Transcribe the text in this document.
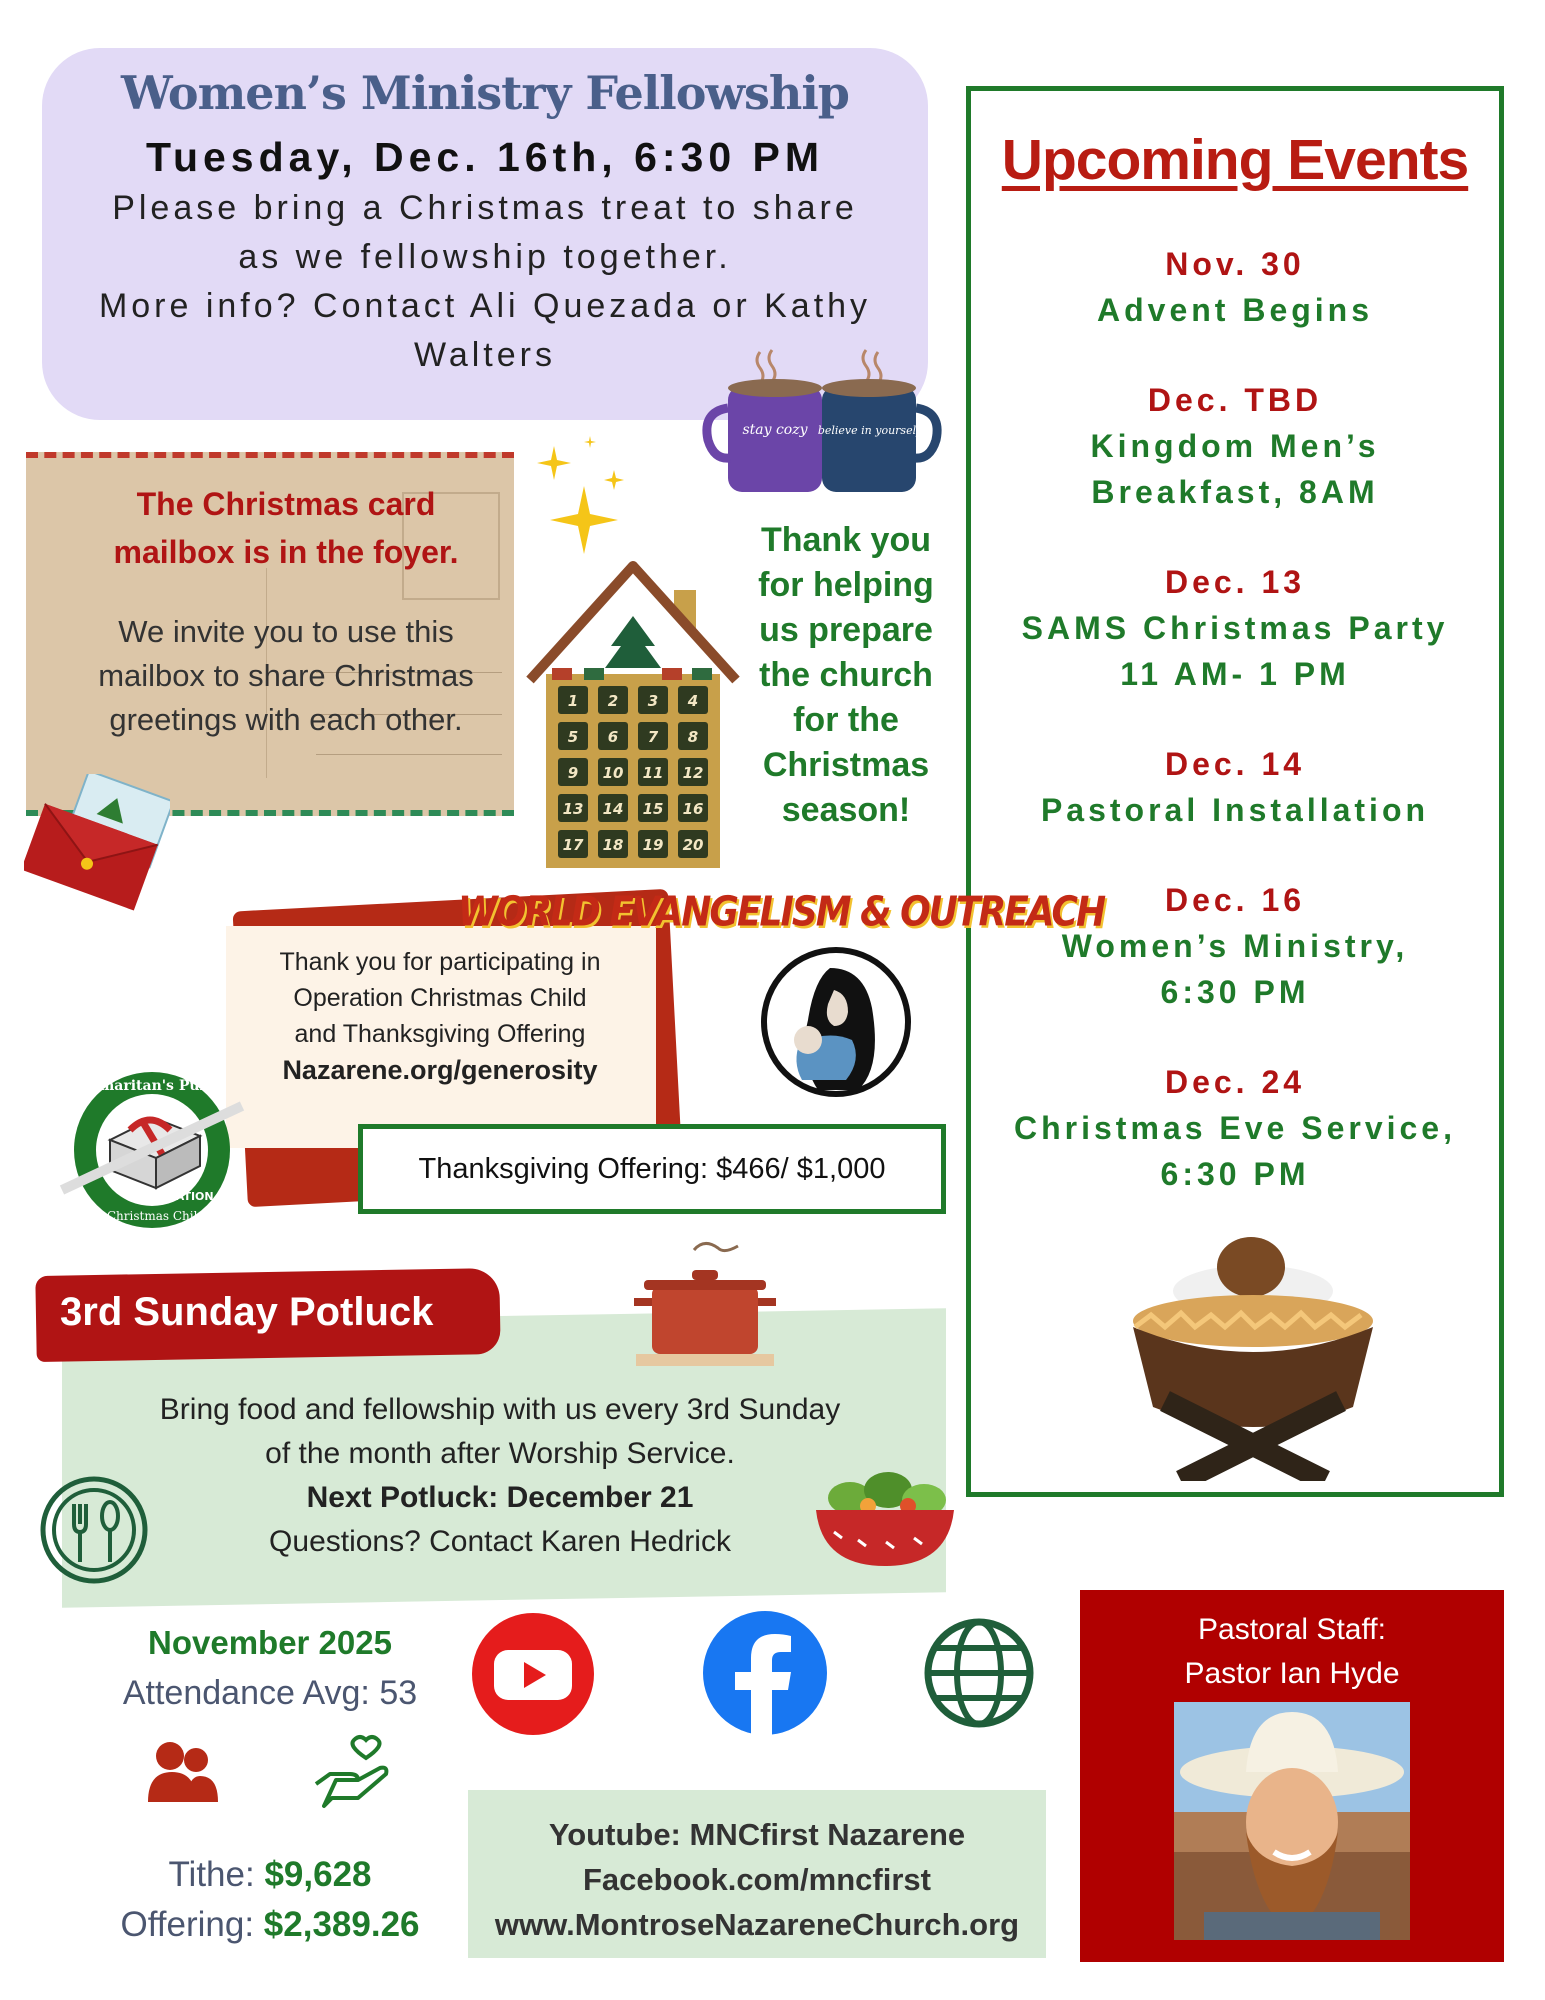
Women’s Ministry Fellowship
Tuesday, Dec. 16th, 6:30 PM
Please bring a Christmas treat to share
as we fellowship together.
More info? Contact Ali Quezada or Kathy
Walters
stay cozy believe in yourself
Upcoming Events
Nov. 30
Advent Begins
Dec. TBD
Kingdom Men’s
Breakfast, 8AM
Dec. 13
SAMS Christmas Party
11 AM- 1 PM
Dec. 14
Pastoral Installation
Dec. 16
Women’s Ministry,
6:30 PM
Dec. 24
Christmas Eve Service,
6:30 PM
The Christmas card
mailbox is in the foyer.
We invite you to use this
mailbox to share Christmas
greetings with each other.
1 2 3 4
5 6 7 8
9 10 11 12
13 14 15 16
17 18 19 20
Thank you
for helping
us prepare
the church
for the
Christmas
season!
WORLD EVANGELISM & OUTREACH
Thank you for participating in
Operation Christmas Child
and Thanksgiving Offering
Nazarene.org/generosity
Samaritan's Purse
OPERATION
Christmas Child
Thanksgiving Offering: $466/ $1,000
3rd Sunday Potluck
Bring food and fellowship with us every 3rd Sunday
of the month after Worship Service.
Next Potluck: December 21
Questions? Contact Karen Hedrick
November 2025
Attendance Avg: 53
Tithe: $9,628
Offering: $2,389.26
Youtube: MNCfirst Nazarene
Facebook.com/mncfirst
www.MontroseNazareneChurch.org
Pastoral Staff:
Pastor Ian Hyde
